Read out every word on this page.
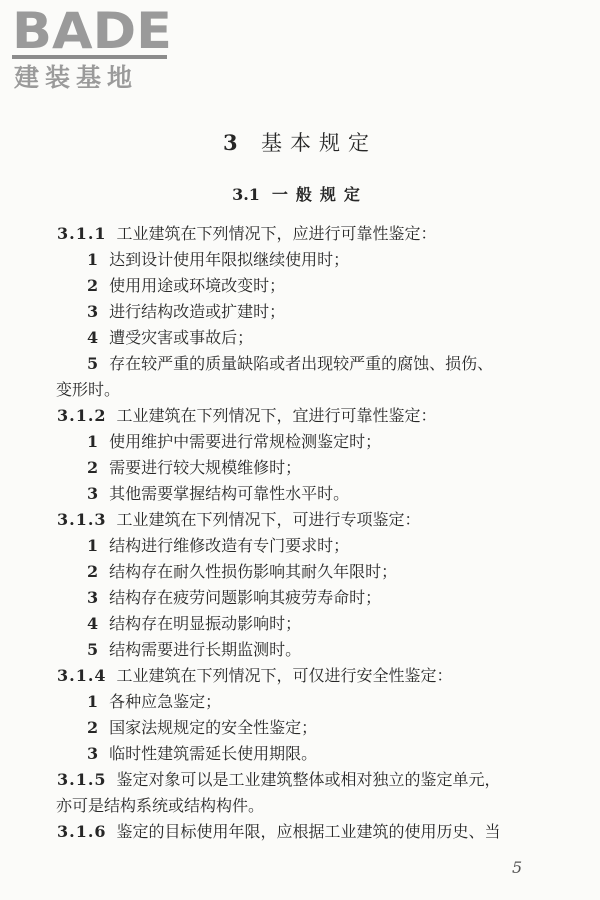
BADE
建装基地
3 基本规定
3.1 一般规定

3.1.1 工业建筑在下列情况下，应进行可靠性鉴定：

1 达到设计使用年限拟继续使用时；

2 使用用途或环境改变时；

3 进行结构改造或扩建时；

4 遭受灾害或事故后；

5 存在较严重的质量缺陷或者出现较严重的腐蚀、损伤、

变形时。

3.1.2 工业建筑在下列情况下，宜进行可靠性鉴定：

1 使用维护中需要进行常规检测鉴定时；

2 需要进行较大规模维修时；

3 其他需要掌握结构可靠性水平时。

3.1.3 工业建筑在下列情况下，可进行专项鉴定：

1 结构进行维修改造有专门要求时；

2 结构存在耐久性损伤影响其耐久年限时；

3 结构存在疲劳问题影响其疲劳寿命时；

4 结构存在明显振动影响时；

5 结构需要进行长期监测时。

3.1.4 工业建筑在下列情况下，可仅进行安全性鉴定：

1 各种应急鉴定；

2 国家法规规定的安全性鉴定；

3 临时性建筑需延长使用期限。

3.1.5 鉴定对象可以是工业建筑整体或相对独立的鉴定单元，

亦可是结构系统或结构构件。

3.1.6 鉴定的目标使用年限，应根据工业建筑的使用历史、当

5
